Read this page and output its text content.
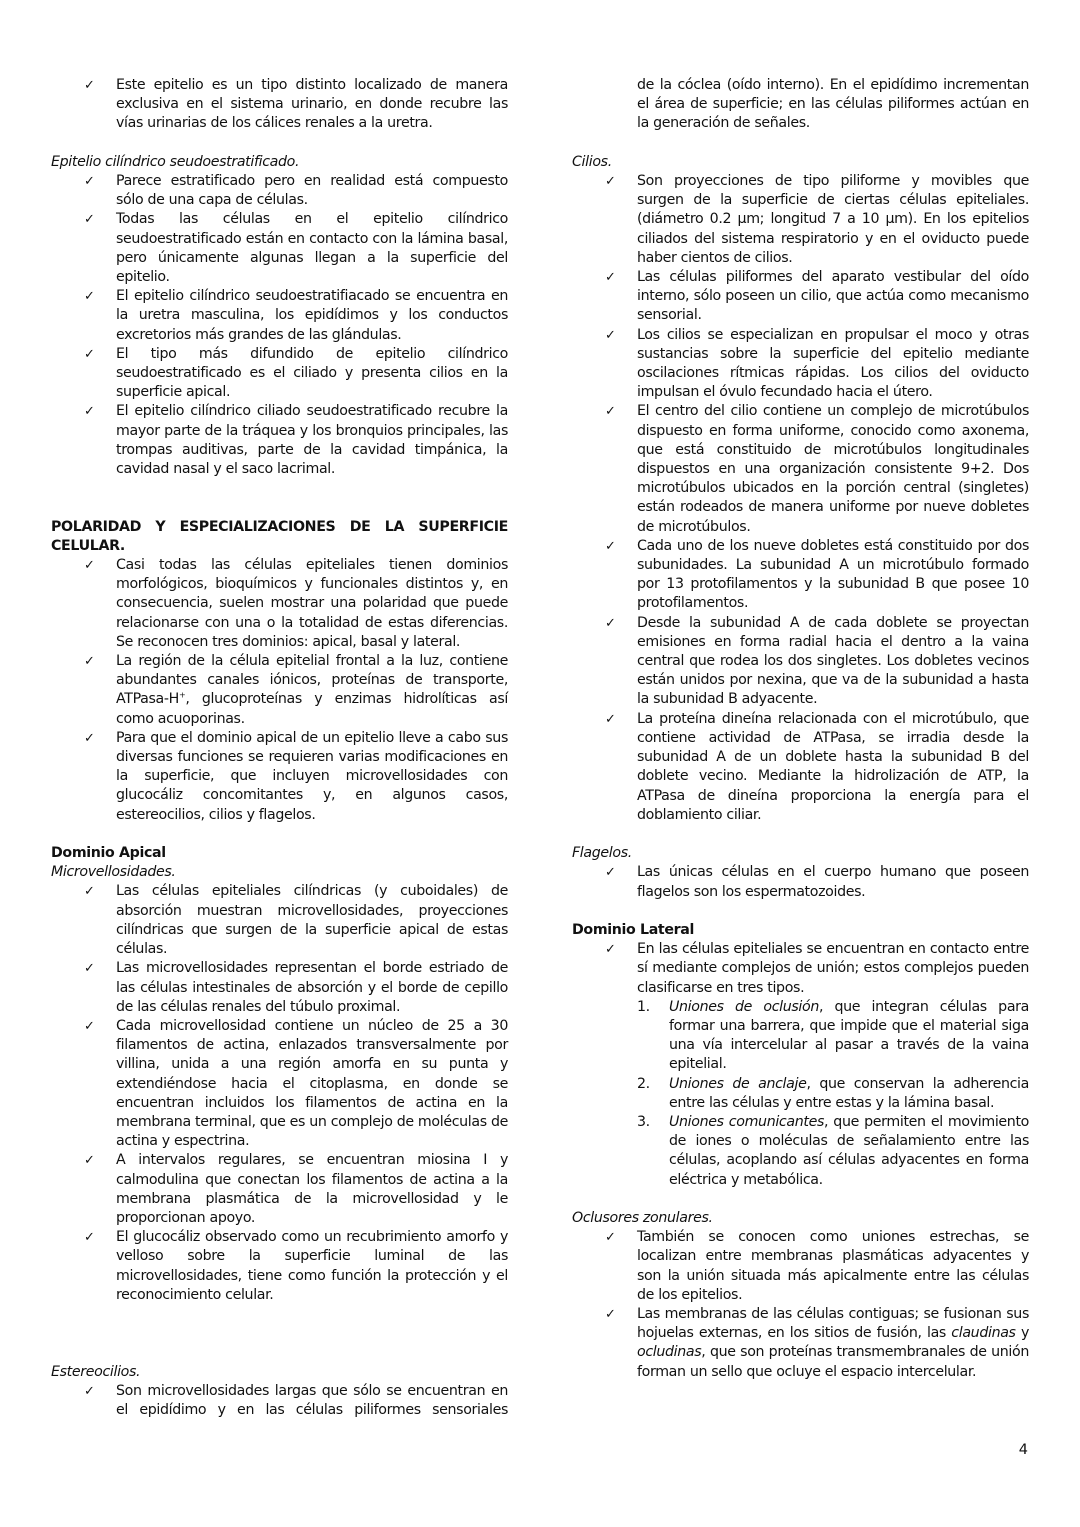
✓ Este epitelio es un tipo distinto localizado de manera exclusiva en el sistema urinario, en donde recubre las vías urinarias de los cálices renales a la uretra.

Epitelio cilíndrico seudoestratificado.

✓ Parece estratificado pero en realidad está compuesto sólo de una capa de células.
✓ Todas las células en el epitelio cilíndrico seudoestratificado están en contacto con la lámina basal, pero únicamente algunas llegan a la superficie del epitelio.
✓ El epitelio cilíndrico seudoestratifiacado se encuentra en la uretra masculina, los epidídimos y los conductos excretorios más grandes de las glándulas.
✓ El tipo más difundido de epitelio cilíndrico seudoestratificado es el ciliado y presenta cilios en la superficie apical.
✓ El epitelio cilíndrico ciliado seudoestratificado recubre la mayor parte de la tráquea y los bronquios principales, las trompas auditivas, parte de la cavidad timpánica, la cavidad nasal y el saco lacrimal.

POLARIDAD Y ESPECIALIZACIONES DE LA SUPERFICIE CELULAR.

✓ Casi todas las células epiteliales tienen dominios morfológicos, bioquímicos y funcionales distintos y, en consecuencia, suelen mostrar una polaridad que puede relacionarse con una o la totalidad de estas diferencias. Se reconocen tres dominios: apical, basal y lateral.
✓ La región de la célula epitelial frontal a la luz, contiene abundantes canales iónicos, proteínas de transporte, ATPasa-H+, glucoproteínas y enzimas hidrolíticas así como acuoporinas.
✓ Para que el dominio apical de un epitelio lleve a cabo sus diversas funciones se requieren varias modificaciones en la superficie, que incluyen microvellosidades con glucocáliz concomitantes y, en algunos casos, estereocilios, cilios y flagelos.

Dominio Apical

Microvellosidades.

✓ Las células epiteliales cilíndricas (y cuboidales) de absorción muestran microvellosidades, proyecciones cilíndricas que surgen de la superficie apical de estas células.
✓ Las microvellosidades representan el borde estriado de las células intestinales de absorción y el borde de cepillo de las células renales del túbulo proximal.
✓ Cada microvellosidad contiene un núcleo de 25 a 30 filamentos de actina, enlazados transversalmente por villina, unida a una región amorfa en su punta y extendiéndose hacia el citoplasma, en donde se encuentran incluidos los filamentos de actina en la membrana terminal, que es un complejo de moléculas de actina y espectrina.
✓ A intervalos regulares, se encuentran miosina I y calmodulina que conectan los filamentos de actina a la membrana plasmática de la microvellosidad y le proporcionan apoyo.
✓ El glucocáliz observado como un recubrimiento amorfo y velloso sobre la superficie luminal de las microvellosidades, tiene como función la protección y el reconocimiento celular.

Estereocilios.

✓ Son microvellosidades largas que sólo se encuentran en el epidídimo y en las células piliformes sensoriales
de la cóclea (oído interno). En el epidídimo incrementan el área de superficie; en las células piliformes actúan en la generación de señales.

Cilios.

✓ Son proyecciones de tipo piliforme y movibles que surgen de la superficie de ciertas células epiteliales. (diámetro 0.2 µm; longitud 7 a 10 µm). En los epitelios ciliados del sistema respiratorio y en el oviducto puede haber cientos de cilios.
✓ Las células piliformes del aparato vestibular del oído interno, sólo poseen un cilio, que actúa como mecanismo sensorial.
✓ Los cilios se especializan en propulsar el moco y otras sustancias sobre la superficie del epitelio mediante oscilaciones rítmicas rápidas. Los cilios del oviducto impulsan el óvulo fecundado hacia el útero.
✓ El centro del cilio contiene un complejo de microtúbulos dispuesto en forma uniforme, conocido como axonema, que está constituido de microtúbulos longitudinales dispuestos en una organización consistente 9+2. Dos microtúbulos ubicados en la porción central (singletes) están rodeados de manera uniforme por nueve dobletes de microtúbulos.
✓ Cada uno de los nueve dobletes está constituido por dos subunidades. La subunidad A un microtúbulo formado por 13 protofilamentos y la subunidad B que posee 10 protofilamentos.
✓ Desde la subunidad A de cada doblete se proyectan emisiones en forma radial hacia el dentro a la vaina central que rodea los dos singletes. Los dobletes vecinos están unidos por nexina, que va de la subunidad a hasta la subunidad B adyacente.
✓ La proteína dineína relacionada con el microtúbulo, que contiene actividad de ATPasa, se irradia desde la subunidad A de un doblete hasta la subunidad B del doblete vecino. Mediante la hidrolización de ATP, la ATPasa de dineína proporciona la energía para el doblamiento ciliar.

Flagelos.

✓ Las únicas células en el cuerpo humano que poseen flagelos son los espermatozoides.

Dominio Lateral

✓ En las células epiteliales se encuentran en contacto entre sí mediante complejos de unión; estos complejos pueden clasificarse en tres tipos.
1. Uniones de oclusión, que integran células para formar una barrera, que impide que el material siga una vía intercelular al pasar a través de la vaina epitelial.
2. Uniones de anclaje, que conservan la adherencia entre las células y entre estas y la lámina basal.
3. Uniones comunicantes, que permiten el movimiento de iones o moléculas de señalamiento entre las células, acoplando así células adyacentes en forma eléctrica y metabólica.

Oclusores zonulares.

✓ También se conocen como uniones estrechas, se localizan entre membranas plasmáticas adyacentes y son la unión situada más apicalmente entre las células de los epitelios.
✓ Las membranas de las células contiguas; se fusionan sus hojuelas externas, en los sitios de fusión, las claudinas y ocludinas, que son proteínas transmembranales de unión forman un sello que ocluye el espacio intercelular.
4
